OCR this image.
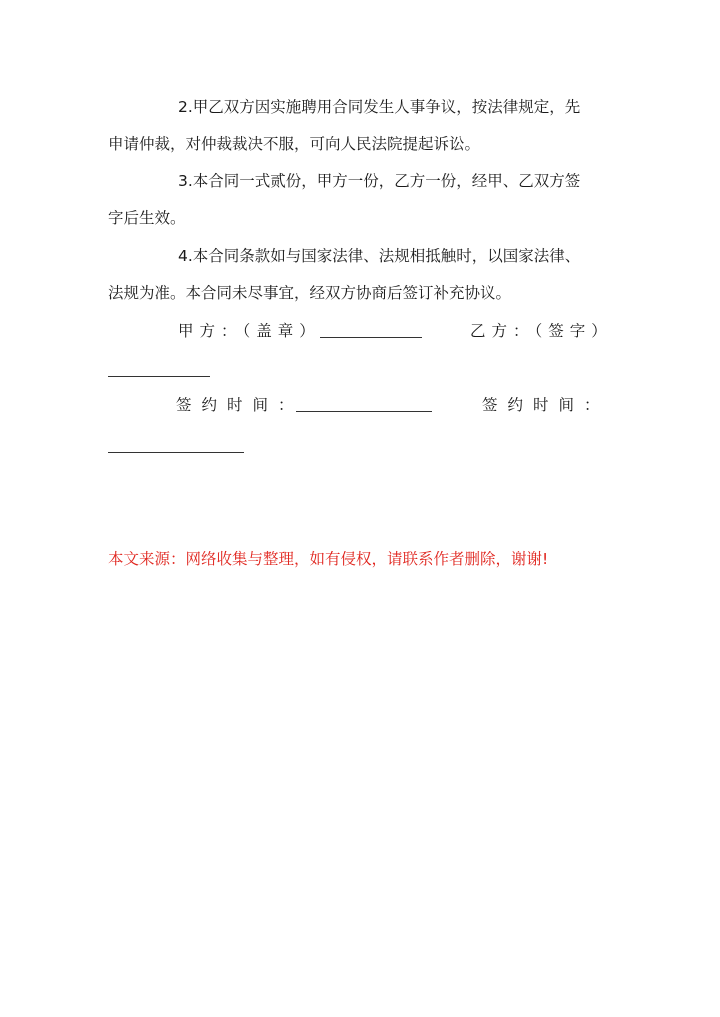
2.甲乙双方因实施聘用合同发生人事争议，按法律规定，先
申请仲裁，对仲裁裁决不服，可向人民法院提起诉讼。

3.本合同一式贰份，甲方一份，乙方一份，经甲、乙双方签
字后生效。

4.本合同条款如与国家法律、法规相抵触时，以国家法律、
法规为准。本合同未尽事宜，经双方协商后签订补充协议。

甲方：（盖章）	乙方：（签字）
签约时间：	签约时间：

本文来源：网络收集与整理，如有侵权，请联系作者删除，谢谢!
